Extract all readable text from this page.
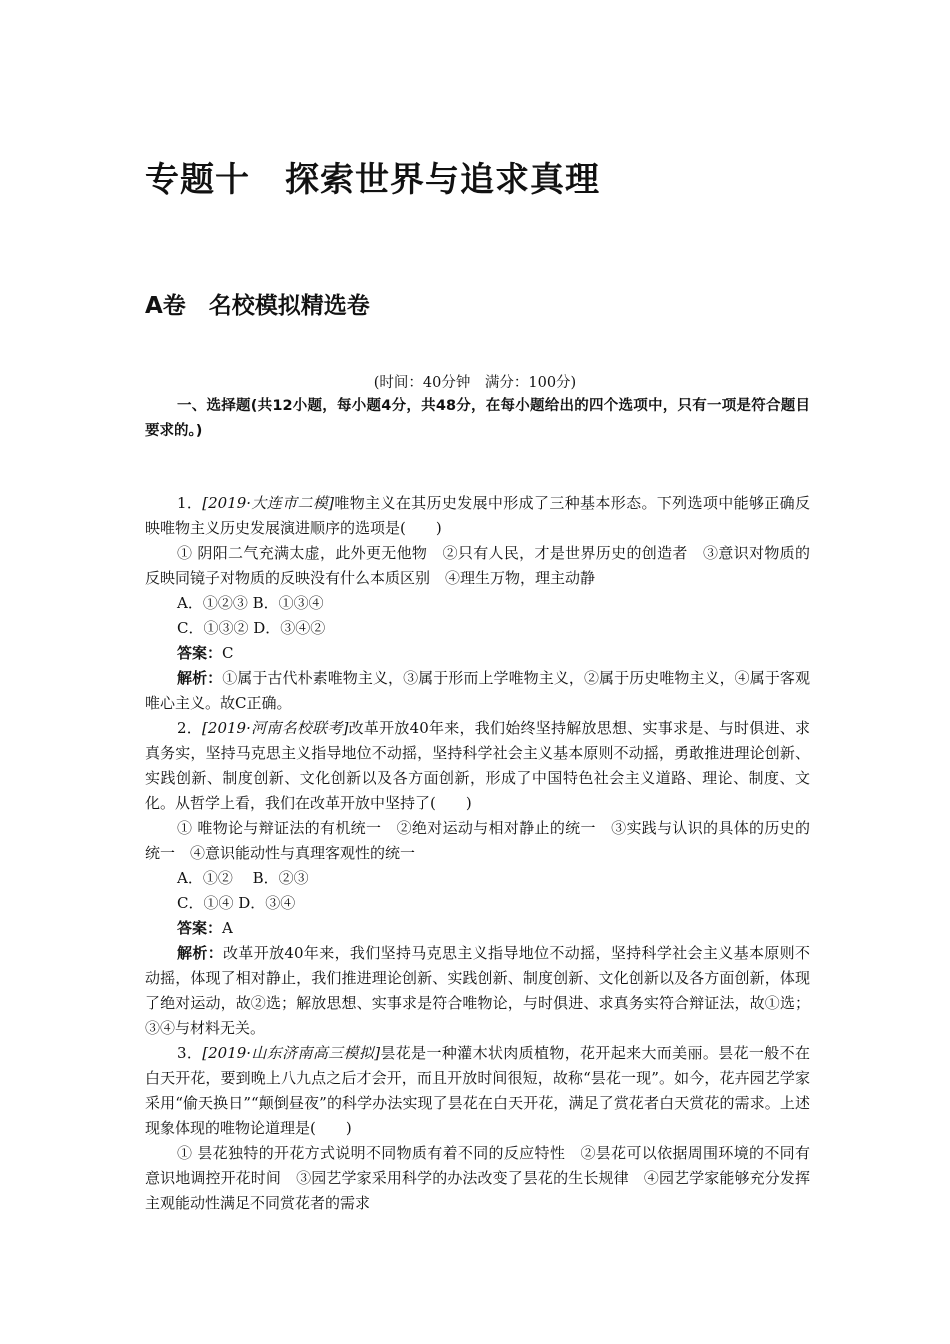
专题十　探索世界与追求真理
A卷　名校模拟精选卷
(时间：40分钟　满分：100分)

一、选择题(共12小题，每小题4分，共48分，在每小题给出的四个选项中，只有一项是符合题目要求的。)

1．[2019·大连市二模]唯物主义在其历史发展中形成了三种基本形态。下列选项中能够正确反映唯物主义历史发展演进顺序的选项是(　　)

① 阴阳二气充满太虚，此外更无他物　②只有人民，才是世界历史的创造者　③意识对物质的反映同镜子对物质的反映没有什么本质区别　④理生万物，理主动静

A．①②③ B．①③④

C．①③② D．③④②

答案：C

解析：①属于古代朴素唯物主义，③属于形而上学唯物主义，②属于历史唯物主义，④属于客观唯心主义。故C正确。

2．[2019·河南名校联考]改革开放40年来，我们始终坚持解放思想、实事求是、与时俱进、求真务实，坚持马克思主义指导地位不动摇，坚持科学社会主义基本原则不动摇，勇敢推进理论创新、实践创新、制度创新、文化创新以及各方面创新，形成了中国特色社会主义道路、理论、制度、文化。从哲学上看，我们在改革开放中坚持了(　　)

① 唯物论与辩证法的有机统一　②绝对运动与相对静止的统一　③实践与认识的具体的历史的统一　④意识能动性与真理客观性的统一

A．①②　 B．②③

C．①④ D．③④

答案：A

解析：改革开放40年来，我们坚持马克思主义指导地位不动摇，坚持科学社会主义基本原则不动摇，体现了相对静止，我们推进理论创新、实践创新、制度创新、文化创新以及各方面创新，体现了绝对运动，故②选；解放思想、实事求是符合唯物论，与时俱进、求真务实符合辩证法，故①选；③④与材料无关。

3．[2019·山东济南高三模拟]昙花是一种灌木状肉质植物，花开起来大而美丽。昙花一般不在白天开花，要到晚上八九点之后才会开，而且开放时间很短，故称“昙花一现”。如今，花卉园艺学家采用“偷天换日”“颠倒昼夜”的科学办法实现了昙花在白天开花，满足了赏花者白天赏花的需求。上述现象体现的唯物论道理是(　　)

① 昙花独特的开花方式说明不同物质有着不同的反应特性　②昙花可以依据周围环境的不同有意识地调控开花时间　③园艺学家采用科学的办法改变了昙花的生长规律　④园艺学家能够充分发挥主观能动性满足不同赏花者的需求
